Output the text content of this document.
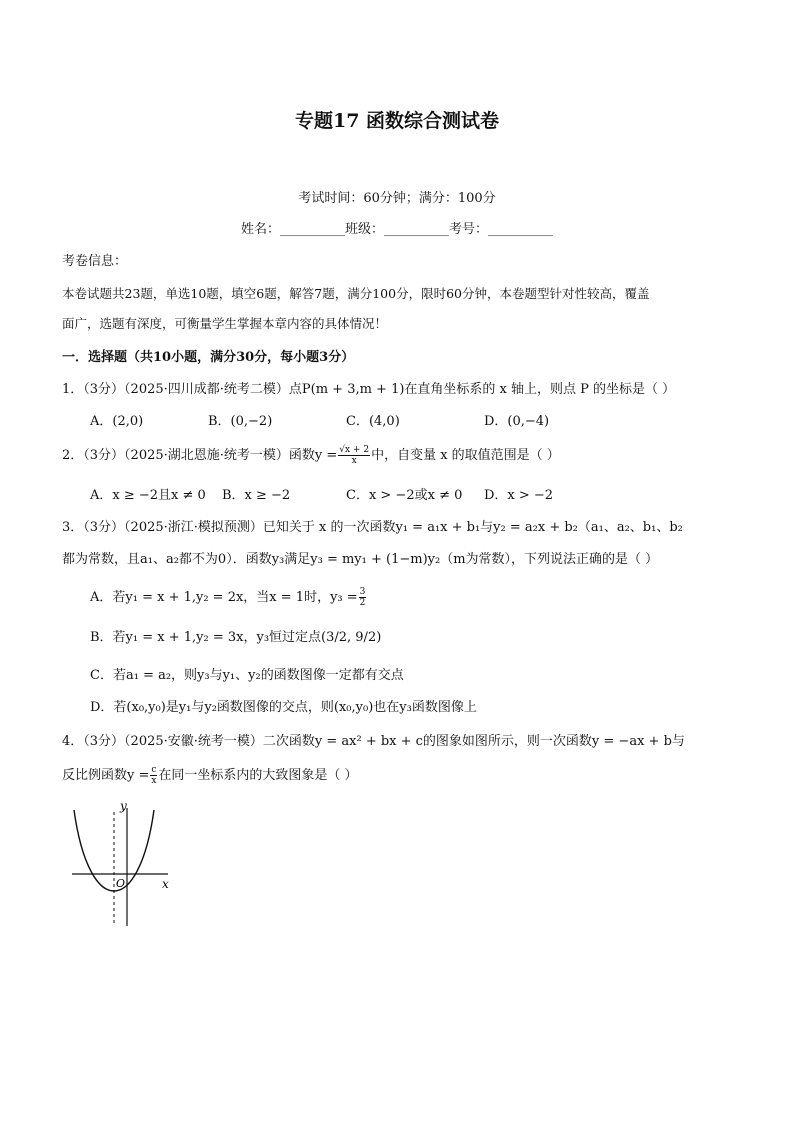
专题17 函数综合测试卷
考试时间：60分钟；满分：100分
姓名：__________班级：__________考号：__________
考卷信息：
本卷试题共23题，单选10题，填空6题，解答7题，满分100分，限时60分钟，本卷题型针对性较高，覆盖
面广，选题有深度，可衡量学生掌握本章内容的具体情况！
一．选择题（共10小题，满分30分，每小题3分）
1．（3分）（2025·四川成都·统考二模）点P(m + 3,m + 1)在直角坐标系的 x 轴上，则点 P 的坐标是（ ）
A．(2,0)	B．(0,−2)	C．(4,0)	D．(0,−4)
2．（3分）（2025·湖北恩施·统考一模）函数$y = \frac{√x + 2}{x}$ 中，自变量 x 的取值范围是（ ）
A．x ≥ −2且x ≠ 0 B．x ≥ −2	C．x > −2或x ≠ 0 D．x > −2
3．（3分）（2025·浙江·模拟预测）已知关于 x 的一次函数y₁ = a₁x + b₁与y₂ = a₂x + b₂（a₁、a₂、b₁、b₂
都为常数，且a₁、a₂都不为0）．函数y₃满足y₃ = my₁ + (1−m)y₂（m为常数），下列说法正确的是（ ）
A．若y₁ = x + 1,y₂ = 2x，当x = 1时，$y_3 = \frac{3}{2}$
B．若y₁ = x + 1,y₂ = 3x，y₃恒过定点(3/2, 9/2)
C．若a₁ = a₂，则y₃与y₁、y₂的函数图像一定都有交点
D．若(x₀,y₀)是y₁与y₂函数图像的交点，则(x₀,y₀)也在y₃函数图像上
4．（3分）（2025·安徽·统考一模）二次函数y = ax² + bx + c的图象如图所示，则一次函数y = −ax + b与
反比例函数$y = \frac{c}{x}$ 在同一坐标系内的大致图象是（ ）
y
x
O
